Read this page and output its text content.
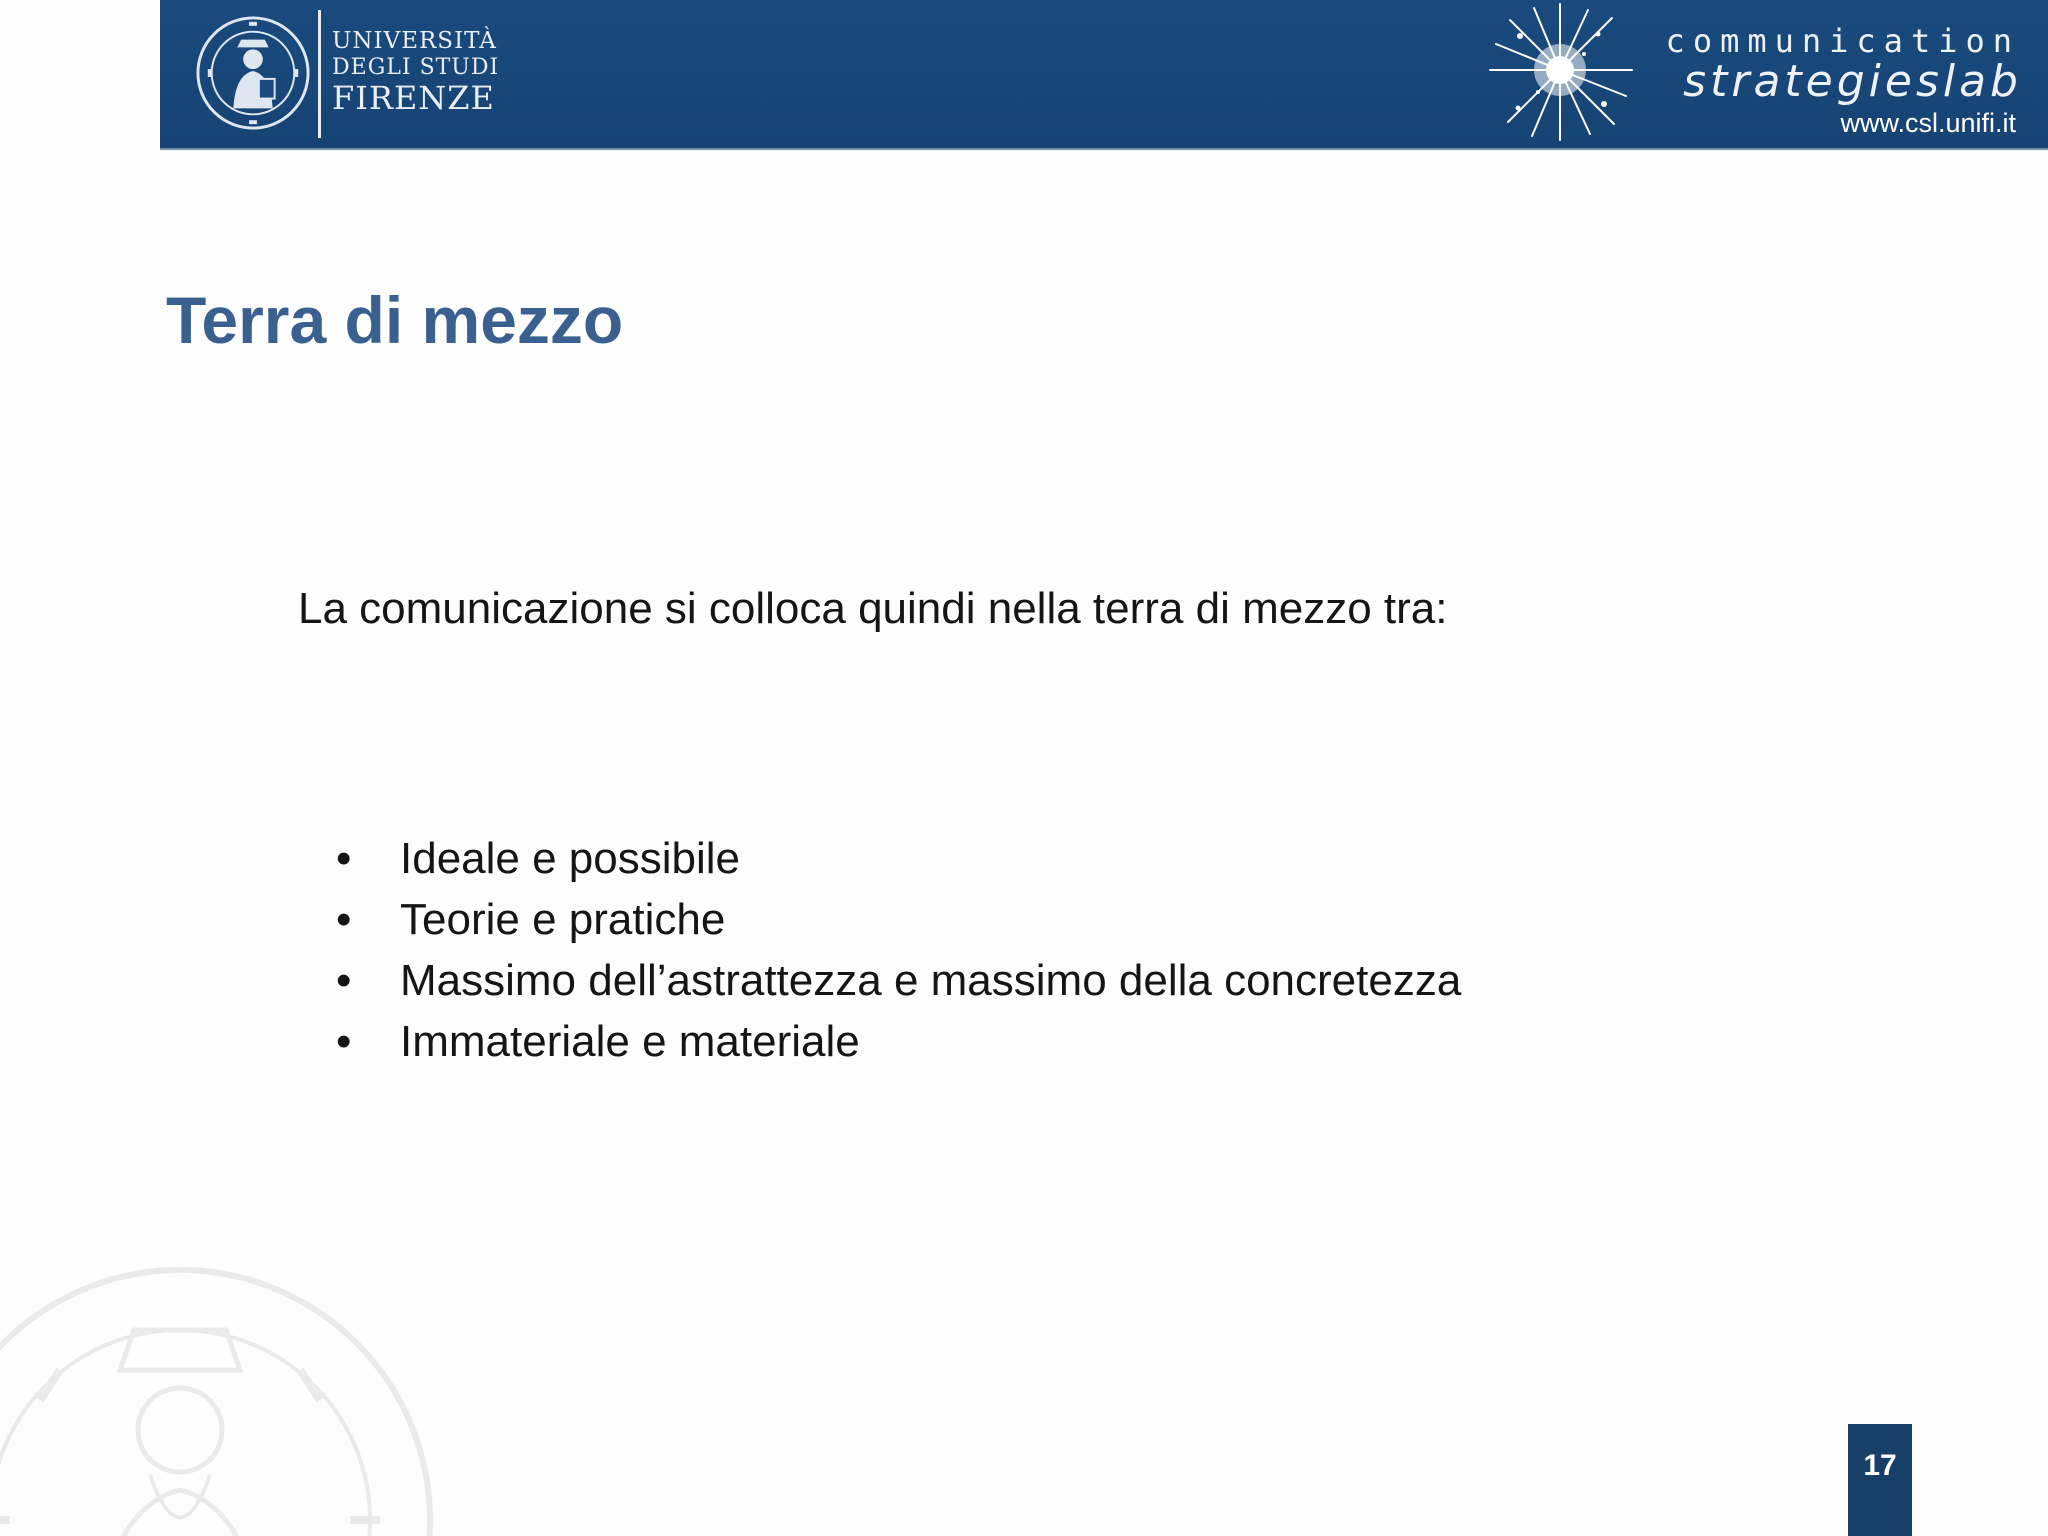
UNIVERSITÀ
DEGLI STUDI
FIRENZE
communication
strategieslab
www.csl.unifi.it
Terra di mezzo

La comunicazione si colloca quindi nella terra di mezzo tra:

• Ideale e possibile
• Teorie e pratiche
• Massimo dell’astrattezza e massimo della concretezza
• Immateriale e materiale
17
